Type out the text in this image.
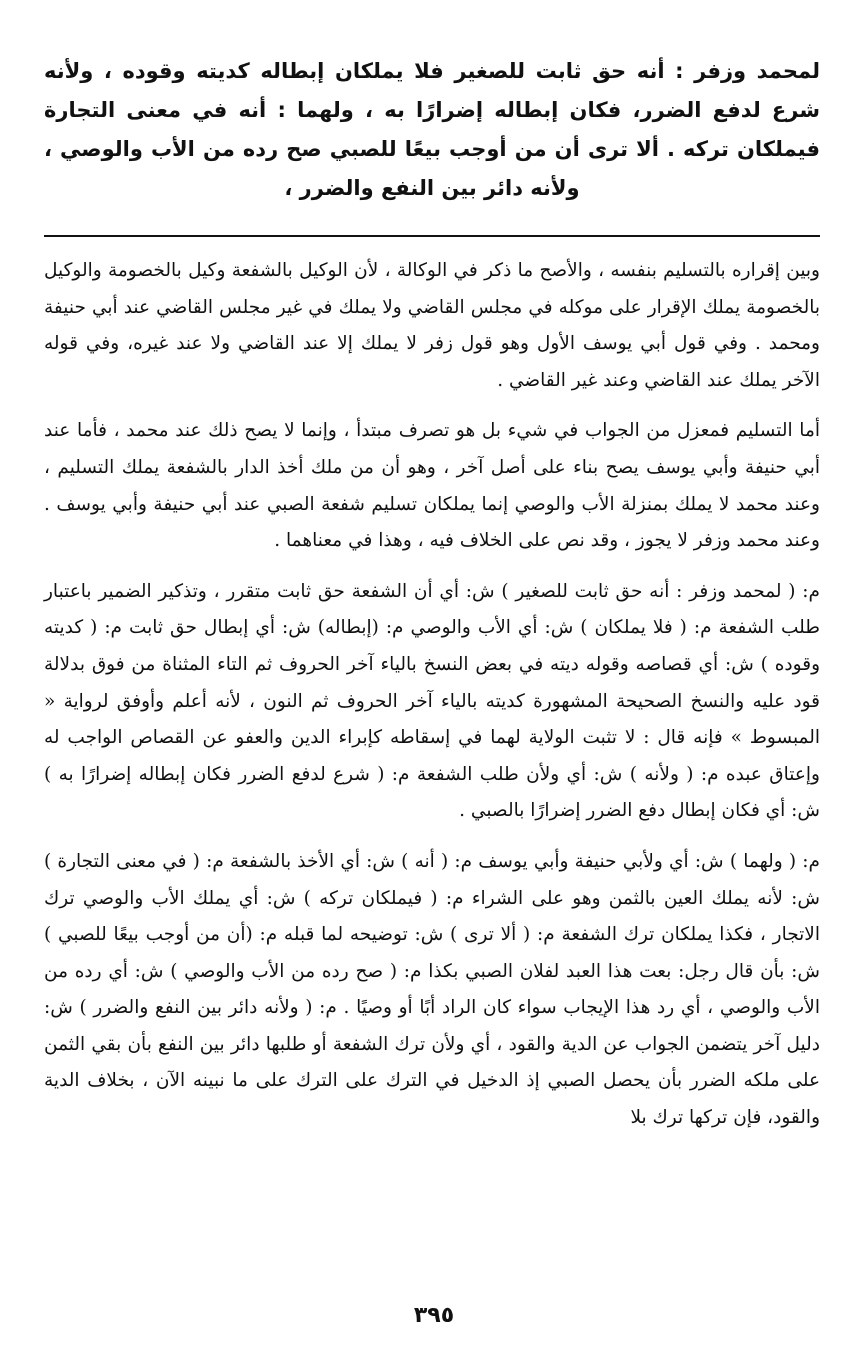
لمحمد وزفر : أنه حق ثابت للصغير فلا يملكان إبطاله كديته وقوده ، ولأنه شرع لدفع الضرر، فكان إبطاله إضرارًا به ، ولهما : أنه في معنى التجارة فيملكان تركه . ألا ترى أن من أوجب بيعًا للصبي صح رده من الأب والوصي ، ولأنه دائر بين النفع والضرر ،

وبين إقراره بالتسليم بنفسه ، والأصح ما ذكر في الوكالة ، لأن الوكيل بالشفعة وكيل بالخصومة والوكيل بالخصومة يملك الإقرار على موكله في مجلس القاضي ولا يملك في غير مجلس القاضي عند أبي حنيفة ومحمد . وفي قول أبي يوسف الأول وهو قول زفر لا يملك إلا عند القاضي ولا عند غيره، وفي قوله الآخر يملك عند القاضي وعند غير القاضي .

أما التسليم فمعزل من الجواب في شيء بل هو تصرف مبتدأ ، وإنما لا يصح ذلك عند محمد ، فأما عند أبي حنيفة وأبي يوسف يصح بناء على أصل آخر ، وهو أن من ملك أخذ الدار بالشفعة يملك التسليم ، وعند محمد لا يملك بمنزلة الأب والوصي إنما يملكان تسليم شفعة الصبي عند أبي حنيفة وأبي يوسف . وعند محمد وزفر لا يجوز ، وقد نص على الخلاف فيه ، وهذا في معناهما .

م: ( لمحمد وزفر : أنه حق ثابت للصغير ) ش: أي أن الشفعة حق ثابت متقرر ، وتذكير الضمير باعتبار طلب الشفعة م: ( فلا يملكان ) ش: أي الأب والوصي م: (إبطاله) ش: أي إبطال حق ثابت م: ( كديته وقوده ) ش: أي قصاصه وقوله ديته في بعض النسخ بالياء آخر الحروف ثم التاء المثناة من فوق بدلالة قود عليه والنسخ الصحيحة المشهورة كديته بالياء آخر الحروف ثم النون ، لأنه أعلم وأوفق لرواية « المبسوط » فإنه قال : لا تثبت الولاية لهما في إسقاطه كإبراء الدين والعفو عن القصاص الواجب له وإعتاق عبده م: ( ولأنه ) ش: أي ولأن طلب الشفعة م: ( شرع لدفع الضرر فكان إبطاله إضرارًا به ) ش: أي فكان إبطال دفع الضرر إضرارًا بالصبي .

م: ( ولهما ) ش: أي ولأبي حنيفة وأبي يوسف م: ( أنه ) ش: أي الأخذ بالشفعة م: ( في معنى التجارة ) ش: لأنه يملك العين بالثمن وهو على الشراء م: ( فيملكان تركه ) ش: أي يملك الأب والوصي ترك الاتجار ، فكذا يملكان ترك الشفعة م: ( ألا ترى ) ش: توضيحه لما قبله م: (أن من أوجب بيعًا للصبي ) ش: بأن قال رجل: بعت هذا العبد لفلان الصبي بكذا م: ( صح رده من الأب والوصي ) ش: أي رده من الأب والوصي ، أي رد هذا الإيجاب سواء كان الراد أبًا أو وصيًا . م: ( ولأنه دائر بين النفع والضرر ) ش: دليل آخر يتضمن الجواب عن الدية والقود ، أي ولأن ترك الشفعة أو طلبها دائر بين النفع بأن بقي الثمن على ملكه الضرر بأن يحصل الصبي إذ الدخيل في الترك على الترك على ما نبينه الآن ، بخلاف الدية والقود، فإن تركها ترك بلا

٣٩٥
